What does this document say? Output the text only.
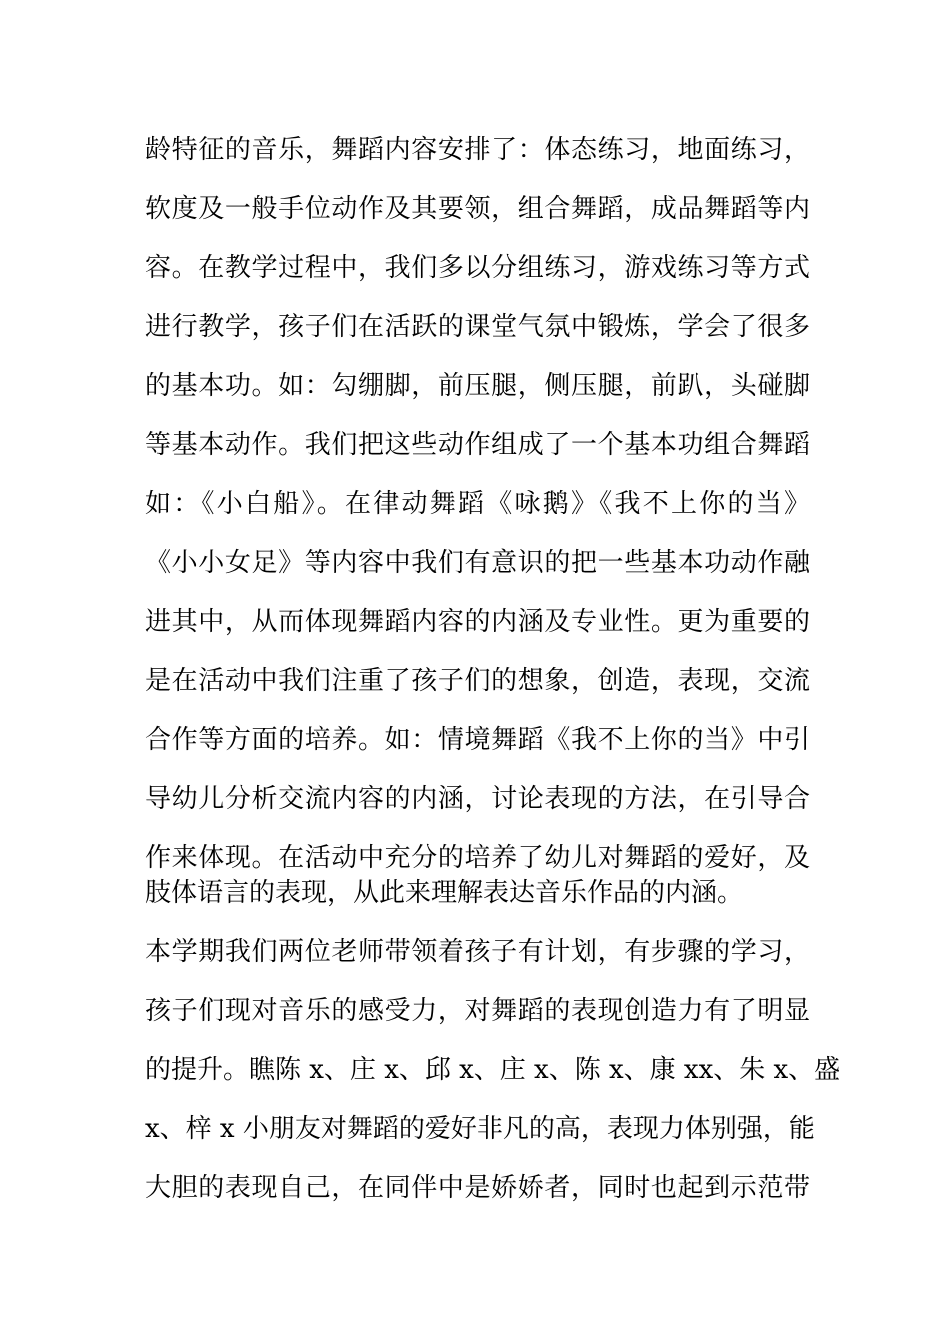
龄特征的音乐，舞蹈内容安排了：体态练习，地面练习，
软度及一般手位动作及其要领，组合舞蹈，成品舞蹈等内
容。在教学过程中，我们多以分组练习，游戏练习等方式
进行教学，孩子们在活跃的课堂气氛中锻炼，学会了很多
的基本功。如：勾绷脚，前压腿，侧压腿，前趴，头碰脚
等基本动作。我们把这些动作组成了一个基本功组合舞蹈
如：《小白船》。在律动舞蹈《咏鹅》《我不上你的当》
《小小女足》等内容中我们有意识的把一些基本功动作融
进其中，从而体现舞蹈内容的内涵及专业性。更为重要的
是在活动中我们注重了孩子们的想象，创造，表现，交流
合作等方面的培养。如：情境舞蹈《我不上你的当》中引
导幼儿分析交流内容的内涵，讨论表现的方法，在引导合
作来体现。在活动中充分的培养了幼儿对舞蹈的爱好，及
肢体语言的表现，从此来理解表达音乐作品的内涵。
本学期我们两位老师带领着孩子有计划，有步骤的学习，
孩子们现对音乐的感受力，对舞蹈的表现创造力有了明显
的提升。瞧陈 x、庄 x、邱 x、庄 x、陈 x、康 xx、朱 x、盛
x、梓 x 小朋友对舞蹈的爱好非凡的高，表现力体别强，能
大胆的表现自己，在同伴中是娇娇者，同时也起到示范带
